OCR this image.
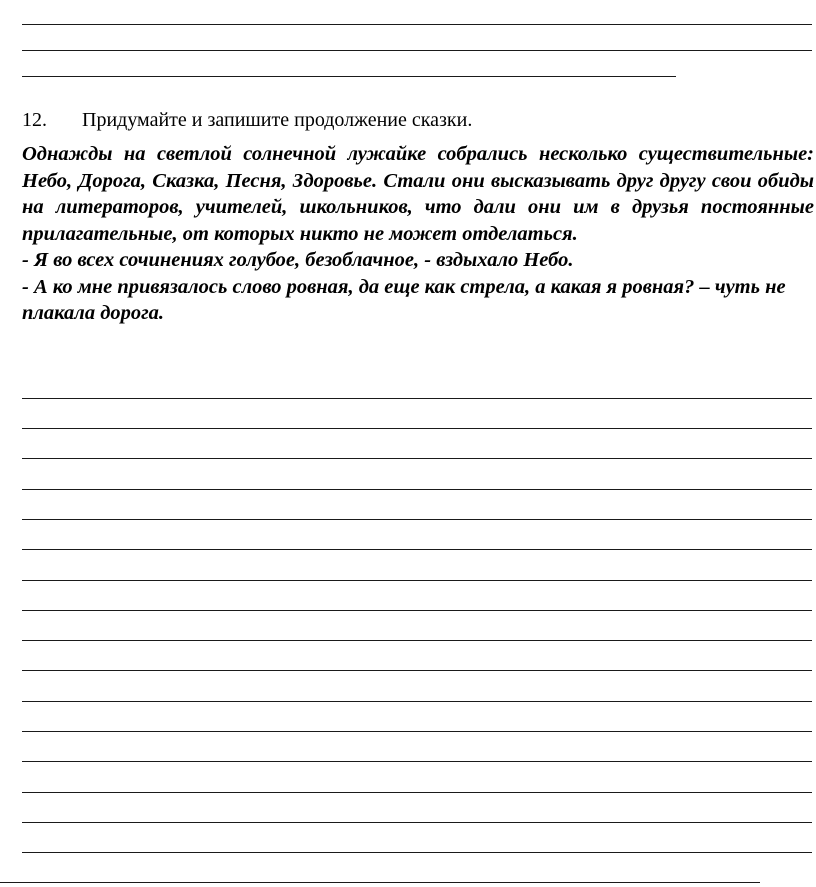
12. Придумайте и запишите продолжение сказки.

Однажды на светлой солнечной лужайке собрались несколько существительные: Небо, Дорога, Сказка, Песня, Здоровье. Стали они высказывать друг другу свои обиды на литераторов, учителей, школьников, что дали они им в друзья постоянные прилагательные, от которых никто не может отделаться.

- Я во всех сочинениях голубое, безоблачное, - вздыхало Небо.

- А ко мне привязалось слово ровная, да еще как стрела, а какая я ровная? – чуть не плакала дорога.
